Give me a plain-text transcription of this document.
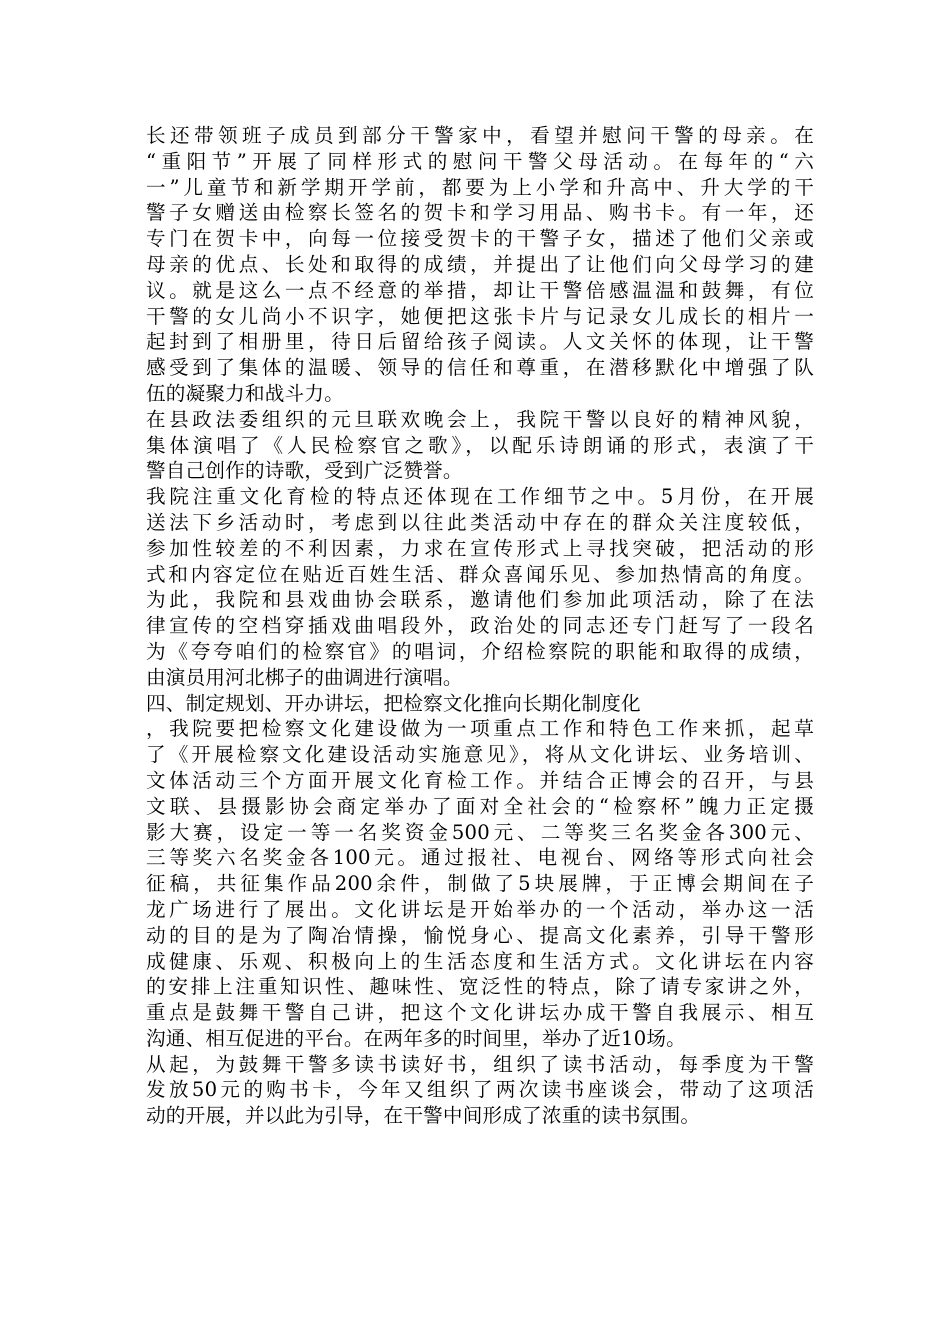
长还带领班子成员到部分干警家中，看望并慰问干警的母亲。在
“重阳节”开展了同样形式的慰问干警父母活动。在每年的“六
一”儿童节和新学期开学前，都要为上小学和升高中、升大学的干
警子女赠送由检察长签名的贺卡和学习用品、购书卡。有一年，还
专门在贺卡中，向每一位接受贺卡的干警子女，描述了他们父亲或
母亲的优点、长处和取得的成绩，并提出了让他们向父母学习的建
议。就是这么一点不经意的举措，却让干警倍感温温和鼓舞，有位
干警的女儿尚小不识字，她便把这张卡片与记录女儿成长的相片一
起封到了相册里，待日后留给孩子阅读。人文关怀的体现，让干警
感受到了集体的温暖、领导的信任和尊重，在潜移默化中增强了队
伍的凝聚力和战斗力。
在县政法委组织的元旦联欢晚会上，我院干警以良好的精神风貌，
集体演唱了《人民检察官之歌》，以配乐诗朗诵的形式，表演了干
警自己创作的诗歌，受到广泛赞誉。
我院注重文化育检的特点还体现在工作细节之中。5月份，在开展
送法下乡活动时，考虑到以往此类活动中存在的群众关注度较低，
参加性较差的不利因素，力求在宣传形式上寻找突破，把活动的形
式和内容定位在贴近百姓生活、群众喜闻乐见、参加热情高的角度。
为此，我院和县戏曲协会联系，邀请他们参加此项活动，除了在法
律宣传的空档穿插戏曲唱段外，政治处的同志还专门赶写了一段名
为《夸夸咱们的检察官》的唱词，介绍检察院的职能和取得的成绩，
由演员用河北梆子的曲调进行演唱。
四、制定规划、开办讲坛，把检察文化推向长期化制度化
，我院要把检察文化建设做为一项重点工作和特色工作来抓，起草
了《开展检察文化建设活动实施意见》，将从文化讲坛、业务培训、
文体活动三个方面开展文化育检工作。并结合正博会的召开，与县
文联、县摄影协会商定举办了面对全社会的“检察杯”魄力正定摄
影大赛，设定一等一名奖资金500元、二等奖三名奖金各300元、
三等奖六名奖金各100元。通过报社、电视台、网络等形式向社会
征稿，共征集作品200余件，制做了5块展牌，于正博会期间在子
龙广场进行了展出。文化讲坛是开始举办的一个活动，举办这一活
动的目的是为了陶冶情操，愉悦身心、提高文化素养，引导干警形
成健康、乐观、积极向上的生活态度和生活方式。文化讲坛在内容
的安排上注重知识性、趣味性、宽泛性的特点，除了请专家讲之外，
重点是鼓舞干警自己讲，把这个文化讲坛办成干警自我展示、相互
沟通、相互促进的平台。在两年多的时间里，举办了近10场。
从起，为鼓舞干警多读书读好书，组织了读书活动，每季度为干警
发放50元的购书卡，今年又组织了两次读书座谈会，带动了这项活
动的开展，并以此为引导，在干警中间形成了浓重的读书氛围。
